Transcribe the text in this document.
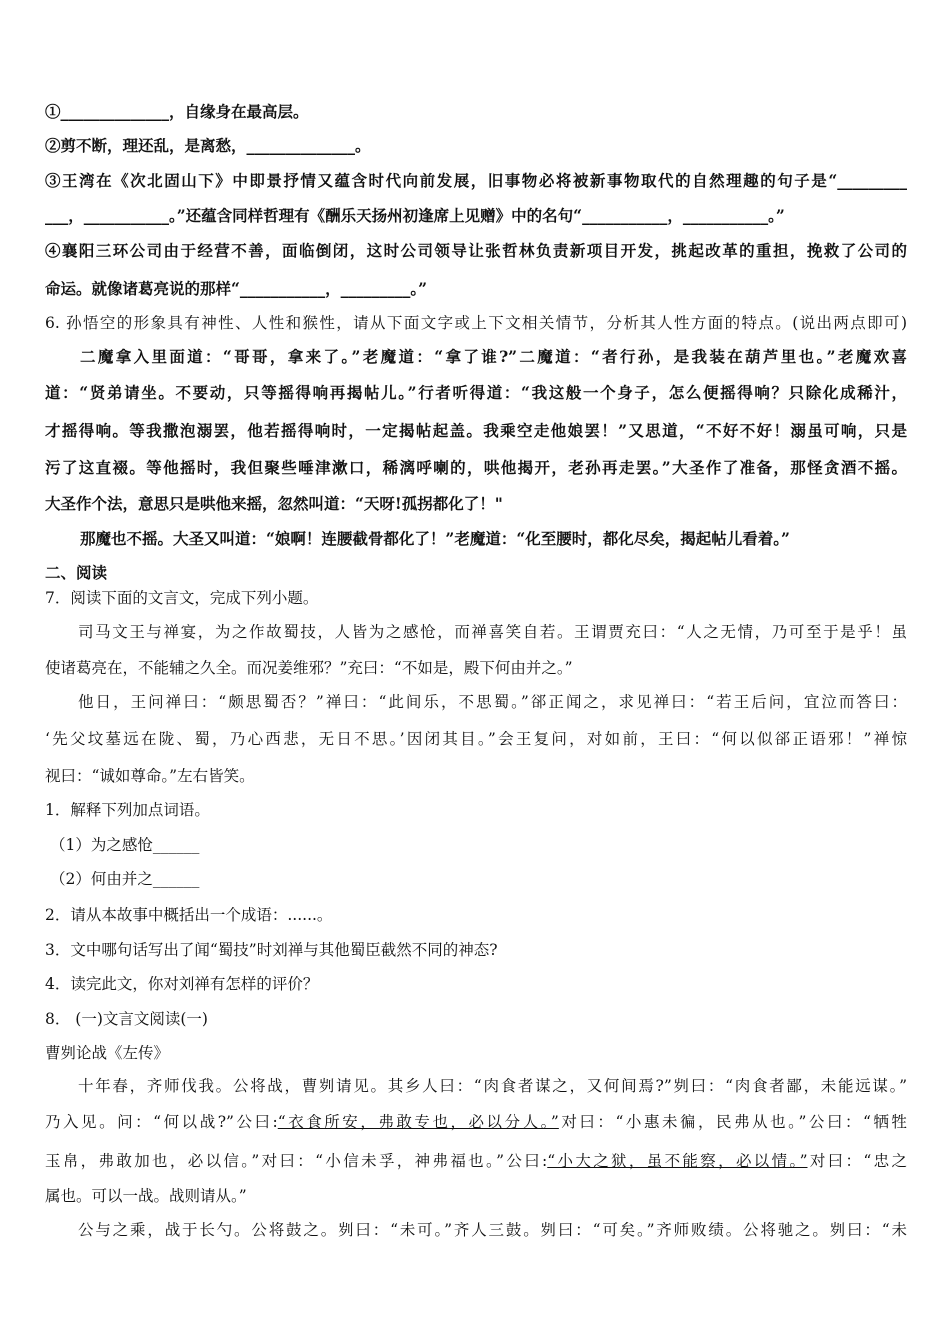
①______________，自缘身在最高层。
②剪不断，理还乱，是离愁，______________。
③王湾在《次北固山下》中即景抒情又蕴含时代向前发展，旧事物必将被新事物取代的自然理趣的句子是“_________
___，___________。”还蕴含同样哲理有《酬乐天扬州初逢席上见赠》中的名句“___________，___________。”
④襄阳三环公司由于经营不善，面临倒闭，这时公司领导让张哲林负责新项目开发，挑起改革的重担，挽救了公司的
命运。就像诸葛亮说的那样“___________，_________。”
6. 孙悟空的形象具有神性、人性和猴性，请从下面文字或上下文相关情节，分析其人性方面的特点。(说出两点即可)
二魔拿入里面道：“哥哥，拿来了。”老魔道：“拿了谁?”二魔道：“者行孙，是我装在葫芦里也。”老魔欢喜
道：“贤弟请坐。不要动，只等摇得响再揭帖儿。”行者听得道：“我这般一个身子，怎么便摇得响？只除化成稀汁，
才摇得响。等我撒泡溺罢，他若摇得响时，一定揭帖起盖。我乘空走他娘罢！”又思道，“不好不好！溺虽可响，只是
污了这直裰。等他摇时，我但聚些唾津漱口，稀漓呼喇的，哄他揭开，老孙再走罢。”大圣作了准备，那怪贪酒不摇。
大圣作个法，意思只是哄他来摇，忽然叫道：“天呀!孤拐都化了！"
那魔也不摇。大圣又叫道：“娘啊！连腰截骨都化了！”老魔道：“化至腰时，都化尽矣，揭起帖儿看着。”
二、阅读
7．阅读下面的文言文，完成下列小题。
司马文王与禅宴，为之作故蜀技，人皆为之感怆，而禅喜笑自若。王谓贾充曰：“人之无情，乃可至于是乎！虽
使诸葛亮在，不能辅之久全。而况姜维邪？”充曰：“不如是，殿下何由并之。”
他日，王问禅曰：“颇思蜀否？”禅曰：“此间乐，不思蜀。”郤正闻之，求见禅曰：“若王后问，宜泣而答曰：
‘先父坟墓远在陇、蜀，乃心西悲，无日不思。’因闭其目。”会王复问，对如前，王曰：“何以似郤正语邪！”禅惊
视曰：“诚如尊命。”左右皆笑。
1．解释下列加点词语。
（1）为之感怆______
（2）何由并之______
2．请从本故事中概括出一个成语：......。
3．文中哪句话写出了闻“蜀技”时刘禅与其他蜀臣截然不同的神态?
4．读完此文，你对刘禅有怎样的评价？
8． (一)文言文阅读(一)
曹刿论战《左传》
十年春，齐师伐我。公将战，曹刿请见。其乡人曰：“肉食者谋之，又何间焉?”刿曰：“肉食者鄙，未能远谋。”
乃入见。问：“何以战?”公曰:“衣食所安，弗敢专也，必以分人。”对曰：“小惠未徧，民弗从也。”公曰：“牺牲
玉帛，弗敢加也，必以信。”对曰：“小信未孚，神弗福也。”公曰:“小大之狱，虽不能察，必以情。”对曰：“忠之
属也。可以一战。战则请从。”
公与之乘，战于长勺。公将鼓之。刿曰：“未可。”齐人三鼓。刿曰：“可矣。”齐师败绩。公将驰之。刿曰：“未
